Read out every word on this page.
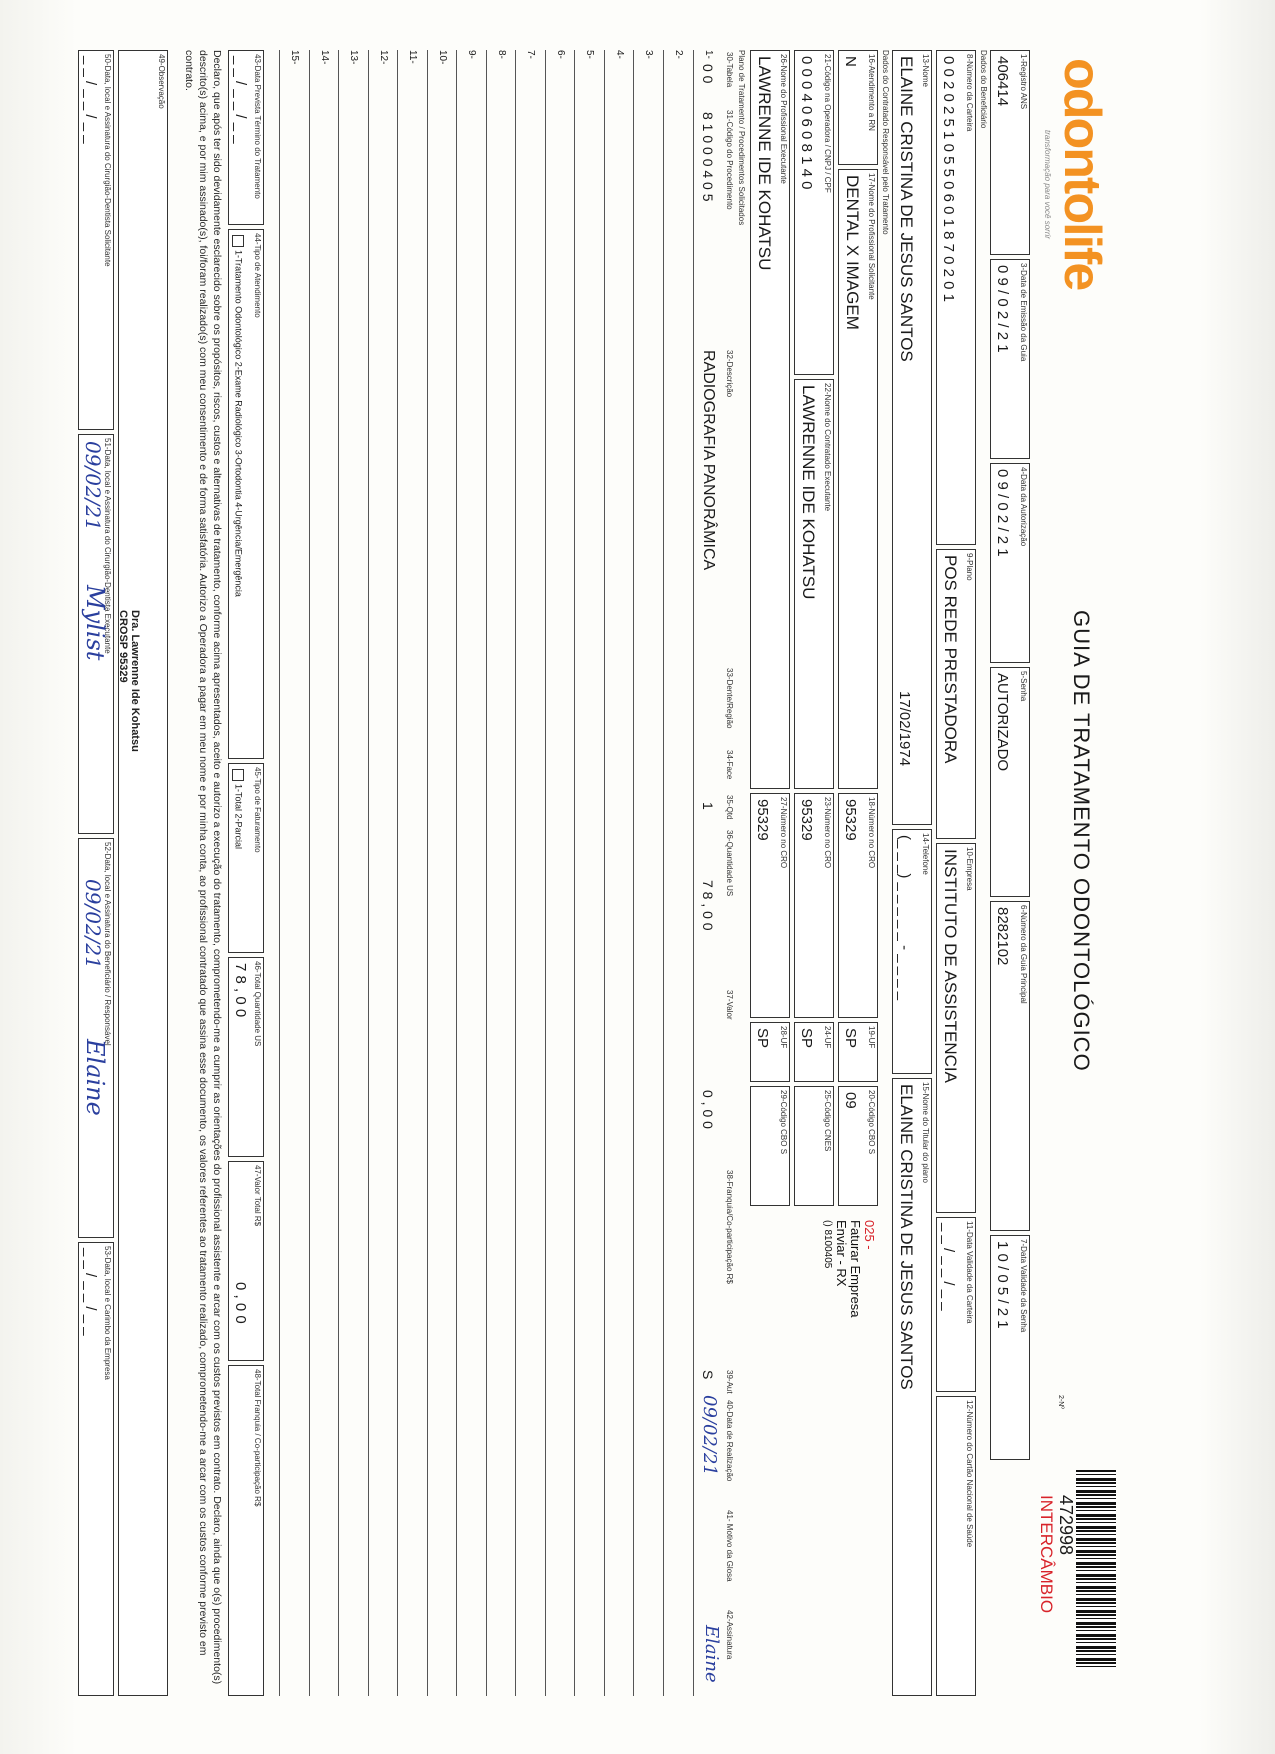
odontolife
transformação para você sorrir
GUIA DE TRATAMENTO ODONTOLÓGICO
2-Nº
472998
INTERCÂMBIO
1-Registro ANS
406414
3-Data de Emissão da Guia
0 9 / 0 2 / 2 1
4-Data da Autorização
0 9 / 0 2 / 2 1
5-Senha
AUTORIZADO
6-Número da Guia Principal
8282102
7-Data Validade da Senha
1 0 / 0 5 / 2 1
Dados do Beneficiário
8-Número da Carteira
0 0 2 0 2 5 1 0 5 5 0 6 0 1 8 7 0 2 0 1
9-Plano
POS REDE PRESTADORA
10-Empresa
INSTITUTO DE ASSISTENCIA
11-Data Validade da Carteira
_ _ / _ _ / _ _
12-Número do Cartão Nacional de Saúde
13-Nome
ELAINE CRISTINA DE JESUS SANTOS
17/02/1974
14-Telefone
(_ _ _) _ _ _ _ _ - _ _ _ _
15-Nome do Titular do plano
ELAINE CRISTINA DE JESUS SANTOS
Dados do Contratado Responsável pelo Tratamento
16-Atendimento a RN
N
17-Nome do Profissional Solicitante
DENTAL X IMAGEM
18-Número no CRO
95329
19-UF
SP
20-Código CBO S
09
21-Código na Operadora / CNPJ / CPF
0 0 0 4 0 6 0 8 1 4 0
22-Nome do Contratado Executante
LAWRENNE IDE KOHATSU
23-Número no CRO
95329
24-UF
SP
25-Código CNES
26-Nome do Profissional Executante
LAWRENNE IDE KOHATSU
27-Número no CRO
95329
28-UF
SP
29-Código CBO S
025 -
Faturar Empresa
Enviar - RX
() 8100405
Plano de Tratamento / Procedimentos Solicitados
30-Tabela
31-Código do Procedimento
32-Descrição
33-Dente/Região
34-Face
35-Qtd
36-Quantidade US
37-Valor
38-Franquia/Co-participação R$
39-Aut
40-Data de Realização
41- Motivo da Glosa
42-Assinatura
1-
0 0
8 1 0 0 0 4 0 5
RADIOGRAFIA PANORÂMICA
1
7 8 , 0 0
0 , 0 0
S
09/02/21
Elaine
2-
3-
4-
5-
6-
7-
8-
9-
10-
11-
12-
13-
14-
15-
43-Data Prevista Término do Tratamento
_ _ / _ _ / _ _
44-Tipo de Atendimento
1-Tratamento Odontológico 2-Exame Radiológico 3-Ortodontia 4-Urgência/Emergência
45-Tipo de Faturamento
1-Total 2-Parcial
46-Total Quantidade US
7 8 , 0 0
47-Valor Total R$
0 , 0 0
48-Total Franquia / Co-participação R$
Declaro, que após ter sido devidamente esclarecido sobre os propósitos, riscos, custos e alternativas de tratamento, conforme acima apresentados, aceito e autorizo a execução do tratamento, comprometendo-me a cumprir as orientações do profissional assistente e arcar com os custos previstos em contrato. Declaro, ainda que o(s) procedimento(s) descrito(s) acima, e por mim assinado(s), foi/foram realizado(s) com meu consentimento e de forma satisfatória. Autorizo a Operadora a pagar em meu nome e por minha conta, ao profissional contratado que assina esse documento, os valores referentes ao tratamento realizado, comprometendo-me a arcar com os custos conforme previsto em contrato.
49-Observação
50-Data, local e Assinatura do Cirurgião-Dentista Solicitante
_ _ / _ _ / _ _
51-Data, local e Assinatura do Cirurgião-Dentista Executante
09/02/21
Mylist
52-Data, local e Assinatura do Beneficiário / Responsável
09/02/21
Elaine
53-Data, local e Carimbo da Empresa
_ _ / _ _ / _ _
Dra. Lawrenne Ide Kohatsu
CROSP 95329
